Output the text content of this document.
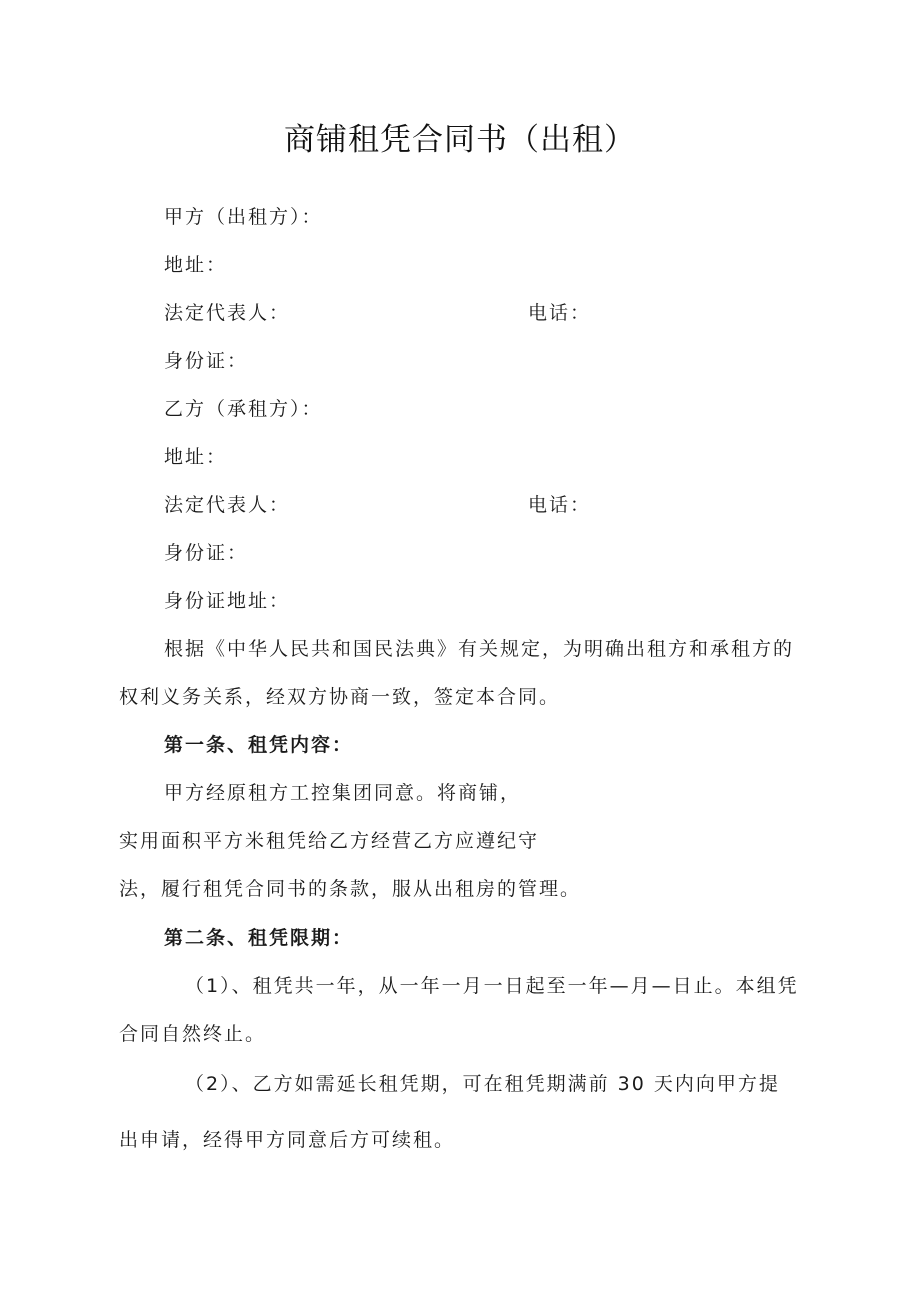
商铺租凭合同书（出租）
甲方（出租方）：
地址：
法定代表人：	电话：
身份证：
乙方（承租方）：
地址：
法定代表人：	电话：
身份证：
身份证地址：
根据《中华人民共和国民法典》有关规定，为明确出租方和承租方的
权利义务关系，经双方协商一致，签定本合同。
第一条、租凭内容：
甲方经原租方工控集团同意。将商铺，
实用面积平方米租凭给乙方经营乙方应遵纪守
法，履行租凭合同书的条款，服从出租房的管理。
第二条、租凭限期：
（1）、租凭共一年，从一年一月一日起至一年—月—日止。本组凭
合同自然终止。
（2）、乙方如需延长租凭期，可在租凭期满前 30 天内向甲方提
出申请，经得甲方同意后方可续租。
